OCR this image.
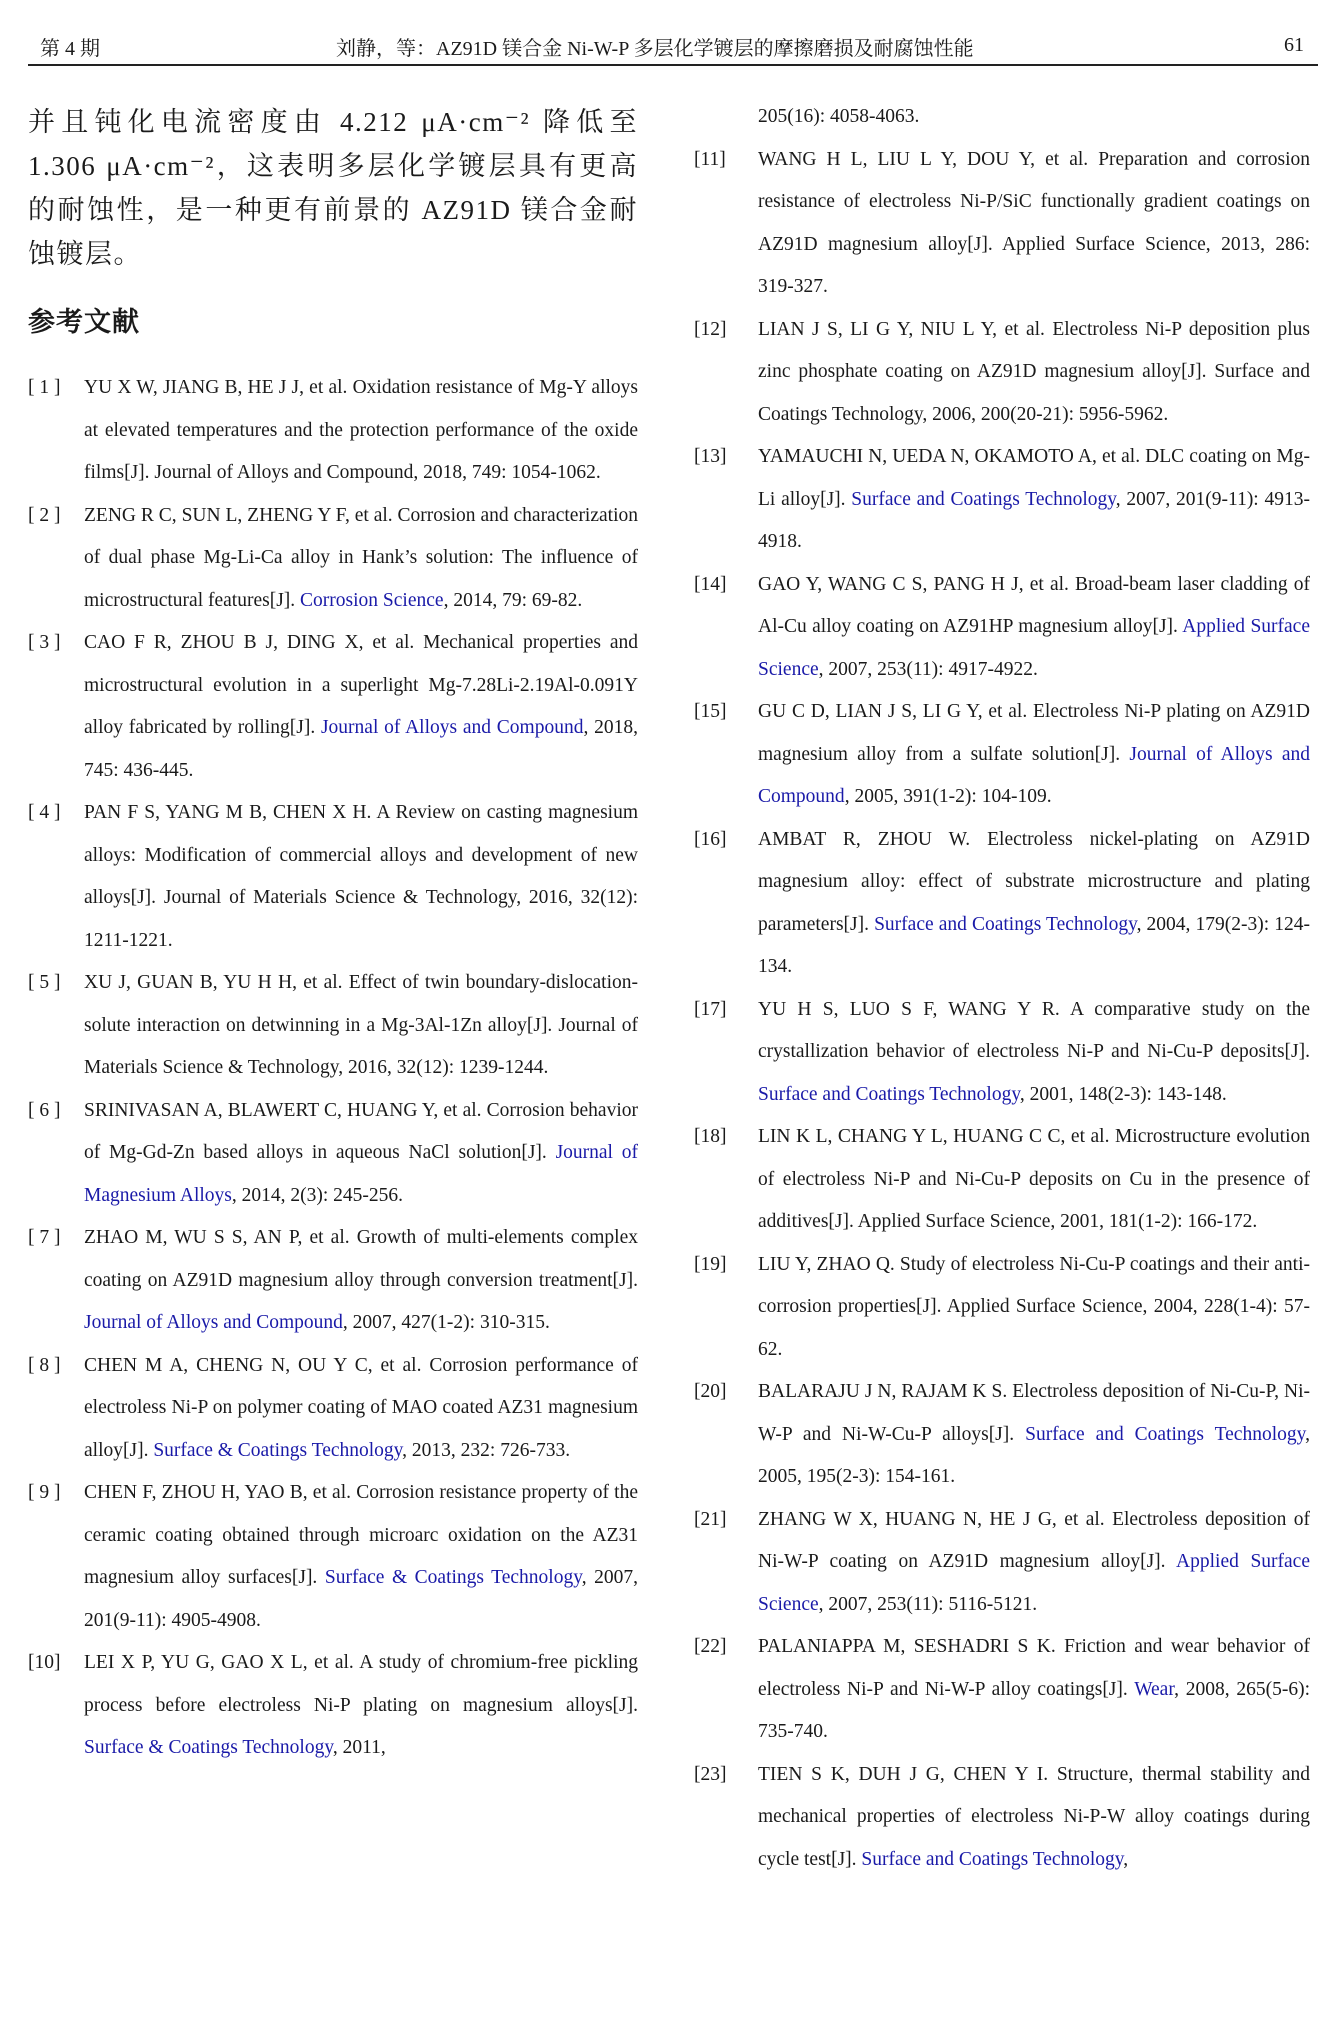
第 4 期	刘静，等：AZ91D 镁合金 Ni-W-P 多层化学镀层的摩擦磨损及耐腐蚀性能	61

并且钝化电流密度由 4.212 μA·cm⁻² 降低至 1.306 μA·cm⁻²，这表明多层化学镀层具有更高的耐蚀性，是一种更有前景的 AZ91D 镁合金耐蚀镀层。

参考文献
[ 1 ] YU X W, JIANG B, HE J J, et al. Oxidation resistance of Mg-Y alloys at elevated temperatures and the protection performance of the oxide films[J]. Journal of Alloys and Compound, 2018, 749: 1054-1062.
[ 2 ] ZENG R C, SUN L, ZHENG Y F, et al. Corrosion and characterization of dual phase Mg-Li-Ca alloy in Hank’s solution: The influence of microstructural features[J]. Corrosion Science, 2014, 79: 69-82.
[ 3 ] CAO F R, ZHOU B J, DING X, et al. Mechanical properties and microstructural evolution in a superlight Mg-7.28Li-2.19Al-0.091Y alloy fabricated by rolling[J]. Journal of Alloys and Compound, 2018, 745: 436-445.
[ 4 ] PAN F S, YANG M B, CHEN X H. A Review on casting magnesium alloys: Modification of commercial alloys and development of new alloys[J]. Journal of Materials Science & Technology, 2016, 32(12): 1211-1221.
[ 5 ] XU J, GUAN B, YU H H, et al. Effect of twin boundary-dislocation-solute interaction on detwinning in a Mg-3Al-1Zn alloy[J]. Journal of Materials Science & Technology, 2016, 32(12): 1239-1244.
[ 6 ] SRINIVASAN A, BLAWERT C, HUANG Y, et al. Corrosion behavior of Mg-Gd-Zn based alloys in aqueous NaCl solution[J]. Journal of Magnesium Alloys, 2014, 2(3): 245-256.
[ 7 ] ZHAO M, WU S S, AN P, et al. Growth of multi-elements complex coating on AZ91D magnesium alloy through conversion treatment[J]. Journal of Alloys and Compound, 2007, 427(1-2): 310-315.
[ 8 ] CHEN M A, CHENG N, OU Y C, et al. Corrosion performance of electroless Ni-P on polymer coating of MAO coated AZ31 magnesium alloy[J]. Surface & Coatings Technology, 2013, 232: 726-733.
[ 9 ] CHEN F, ZHOU H, YAO B, et al. Corrosion resistance property of the ceramic coating obtained through microarc oxidation on the AZ31 magnesium alloy surfaces[J]. Surface & Coatings Technology, 2007, 201(9-11): 4905-4908.
[10] LEI X P, YU G, GAO X L, et al. A study of chromium-free pickling process before electroless Ni-P plating on magnesium alloys[J]. Surface & Coatings Technology, 2011,
205(16): 4058-4063.
[11] WANG H L, LIU L Y, DOU Y, et al. Preparation and corrosion resistance of electroless Ni-P/SiC functionally gradient coatings on AZ91D magnesium alloy[J]. Applied Surface Science, 2013, 286: 319-327.
[12] LIAN J S, LI G Y, NIU L Y, et al. Electroless Ni-P deposition plus zinc phosphate coating on AZ91D magnesium alloy[J]. Surface and Coatings Technology, 2006, 200(20-21): 5956-5962.
[13] YAMAUCHI N, UEDA N, OKAMOTO A, et al. DLC coating on Mg-Li alloy[J]. Surface and Coatings Technology, 2007, 201(9-11): 4913-4918.
[14] GAO Y, WANG C S, PANG H J, et al. Broad-beam laser cladding of Al-Cu alloy coating on AZ91HP magnesium alloy[J]. Applied Surface Science, 2007, 253(11): 4917-4922.
[15] GU C D, LIAN J S, LI G Y, et al. Electroless Ni-P plating on AZ91D magnesium alloy from a sulfate solution[J]. Journal of Alloys and Compound, 2005, 391(1-2): 104-109.
[16] AMBAT R, ZHOU W. Electroless nickel-plating on AZ91D magnesium alloy: effect of substrate microstructure and plating parameters[J]. Surface and Coatings Technology, 2004, 179(2-3): 124-134.
[17] YU H S, LUO S F, WANG Y R. A comparative study on the crystallization behavior of electroless Ni-P and Ni-Cu-P deposits[J]. Surface and Coatings Technology, 2001, 148(2-3): 143-148.
[18] LIN K L, CHANG Y L, HUANG C C, et al. Microstructure evolution of electroless Ni-P and Ni-Cu-P deposits on Cu in the presence of additives[J]. Applied Surface Science, 2001, 181(1-2): 166-172.
[19] LIU Y, ZHAO Q. Study of electroless Ni-Cu-P coatings and their anti-corrosion properties[J]. Applied Surface Science, 2004, 228(1-4): 57-62.
[20] BALARAJU J N, RAJAM K S. Electroless deposition of Ni-Cu-P, Ni-W-P and Ni-W-Cu-P alloys[J]. Surface and Coatings Technology, 2005, 195(2-3): 154-161.
[21] ZHANG W X, HUANG N, HE J G, et al. Electroless deposition of Ni-W-P coating on AZ91D magnesium alloy[J]. Applied Surface Science, 2007, 253(11): 5116-5121.
[22] PALANIAPPA M, SESHADRI S K. Friction and wear behavior of electroless Ni-P and Ni-W-P alloy coatings[J]. Wear, 2008, 265(5-6): 735-740.
[23] TIEN S K, DUH J G, CHEN Y I. Structure, thermal stability and mechanical properties of electroless Ni-P-W alloy coatings during cycle test[J]. Surface and Coatings Technology,
